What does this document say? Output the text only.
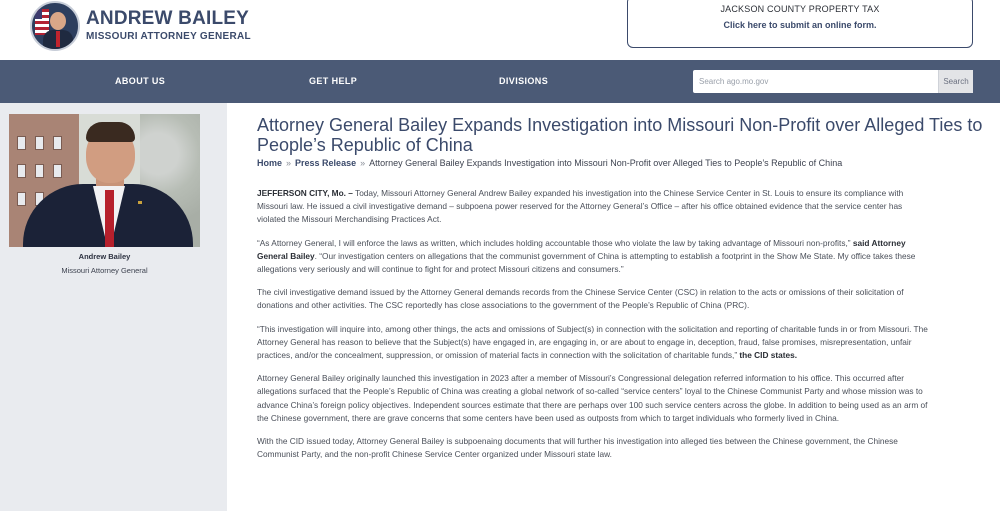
ANDREW BAILEY
MISSOURI ATTORNEY GENERAL
JACKSON COUNTY PROPERTY TAX
Click here to submit an online form.
ABOUT US	GET HELP	DIVISIONS
Search ago.mo.gov	Search
Andrew Bailey
Missouri Attorney General
Attorney General Bailey Expands Investigation into Missouri Non-Profit over Alleged Ties to People’s Republic of China
Home » Press Release » Attorney General Bailey Expands Investigation into Missouri Non-Profit over Alleged Ties to People’s Republic of China

JEFFERSON CITY, Mo. – Today, Missouri Attorney General Andrew Bailey expanded his investigation into the Chinese Service Center in St. Louis to ensure its compliance with Missouri law. He issued a civil investigative demand – subpoena power reserved for the Attorney General’s Office – after his office obtained evidence that the service center has violated the Missouri Merchandising Practices Act.

“As Attorney General, I will enforce the laws as written, which includes holding accountable those who violate the law by taking advantage of Missouri non-profits,” said Attorney General Bailey. “Our investigation centers on allegations that the communist government of China is attempting to establish a footprint in the Show Me State. My office takes these allegations very seriously and will continue to fight for and protect Missouri citizens and consumers.”

The civil investigative demand issued by the Attorney General demands records from the Chinese Service Center (CSC) in relation to the acts or omissions of their solicitation of donations and other activities. The CSC reportedly has close associations to the government of the People’s Republic of China (PRC).

“This investigation will inquire into, among other things, the acts and omissions of Subject(s) in connection with the solicitation and reporting of charitable funds in or from Missouri. The Attorney General has reason to believe that the Subject(s) have engaged in, are engaging in, or are about to engage in, deception, fraud, false promises, misrepresentation, unfair practices, and/or the concealment, suppression, or omission of material facts in connection with the solicitation of charitable funds,” the CID states.

Attorney General Bailey originally launched this investigation in 2023 after a member of Missouri’s Congressional delegation referred information to his office. This occurred after allegations surfaced that the People’s Republic of China was creating a global network of so-called “service centers” loyal to the Chinese Communist Party and whose mission was to advance China’s foreign policy objectives. Independent sources estimate that there are perhaps over 100 such service centers across the globe. In addition to being used as an arm of the Chinese government, there are grave concerns that some centers have been used as outposts from which to target individuals who formerly lived in China.

With the CID issued today, Attorney General Bailey is subpoenaing documents that will further his investigation into alleged ties between the Chinese government, the Chinese Communist Party, and the non-profit Chinese Service Center organized under Missouri state law.
